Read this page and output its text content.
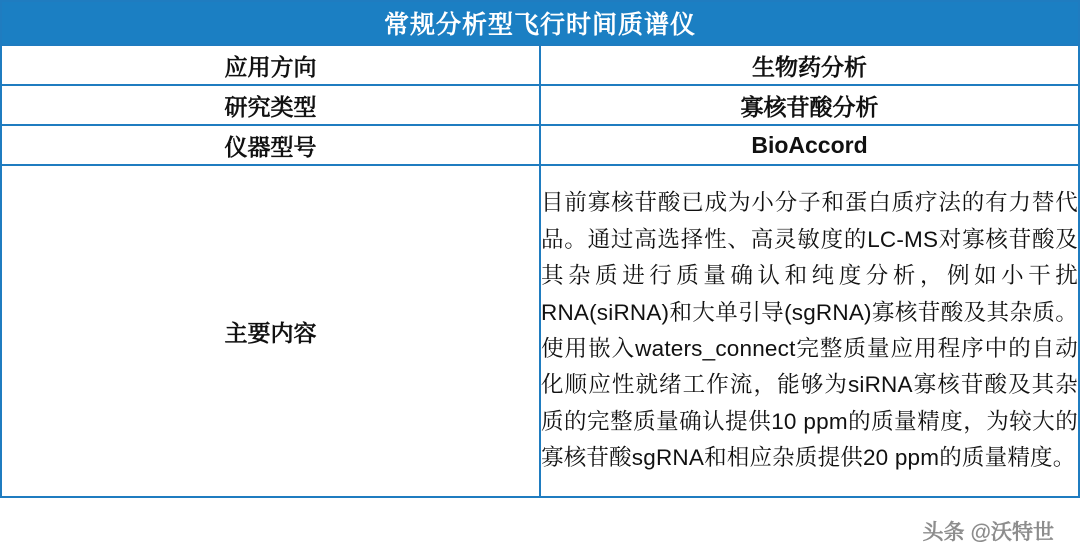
常规分析型飞行时间质谱仪	
应用方向	生物药分析
研究类型	寡核苷酸分析
仪器型号	BioAccord
主要内容	目前寡核苷酸已成为小分子和蛋白质疗法的有力替代品。通过高选择性、高灵敏度的LC-MS对寡核苷酸及其杂质进行质量确认和纯度分析，例如小干扰RNA(siRNA)和大单引导(sgRNA)寡核苷酸及其杂质。使用嵌入waters_connect完整质量应用程序中的自动化顺应性就绪工作流，能够为siRNA寡核苷酸及其杂质的完整质量确认提供10 ppm的质量精度，为较大的寡核苷酸sgRNA和相应杂质提供20 ppm的质量精度。
头条 @沃特世
